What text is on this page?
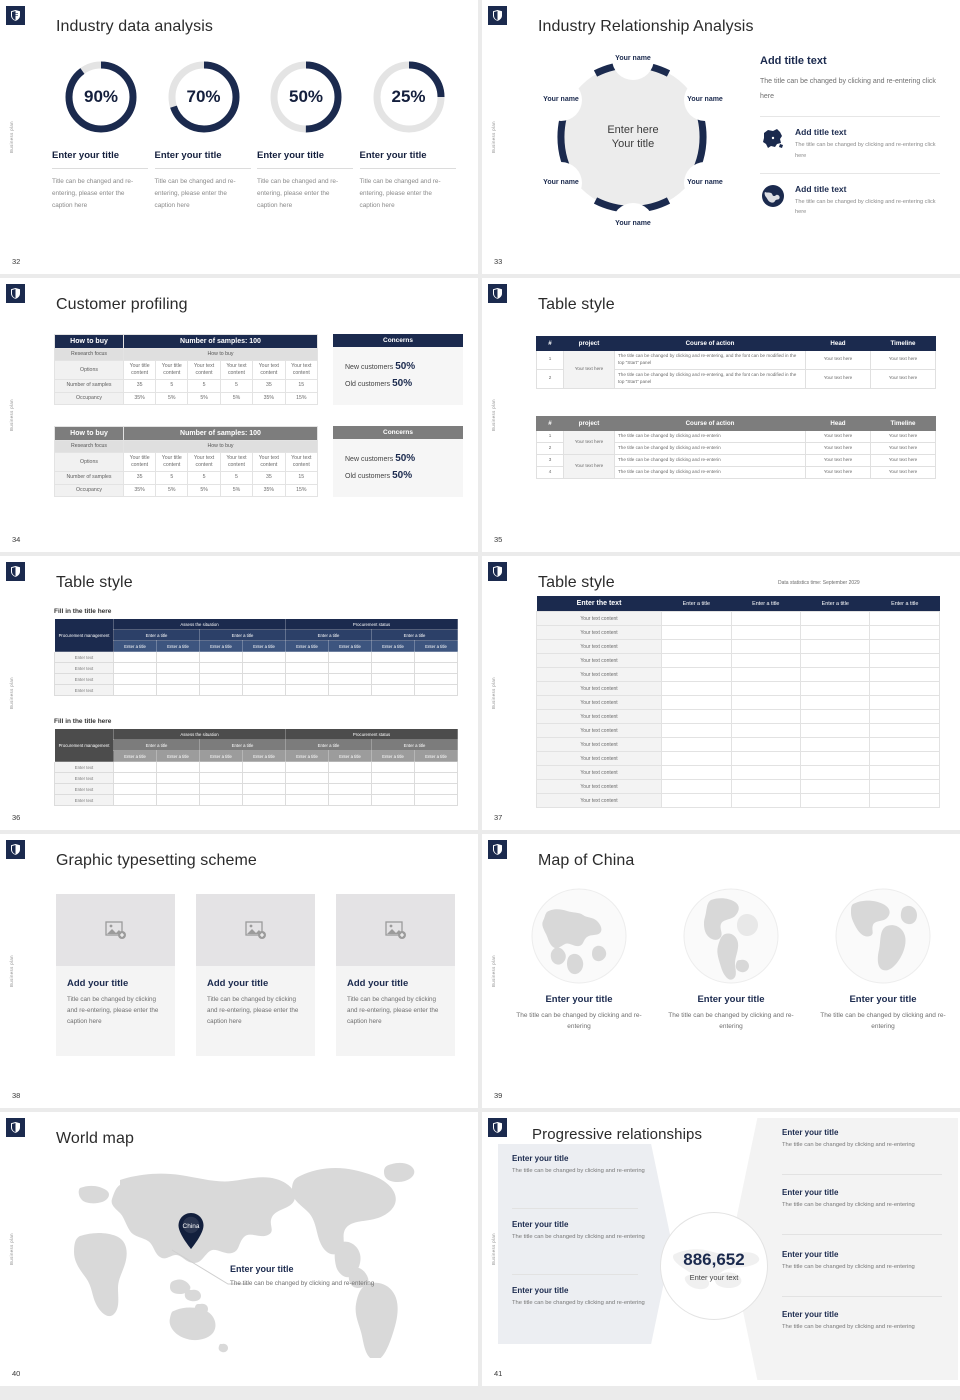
Business plan
Industry data analysis
90%
Enter your title
Title can be changed and re-entering, please enter the caption here
70%
Enter your title
Title can be changed and re-entering, please enter the caption here
50%
Enter your title
Title can be changed and re-entering, please enter the caption here
25%
Enter your title
Title can be changed and re-entering, please enter the caption here
32
Business plan
Industry Relationship Analysis
Enter here
Your title
Your name
Your name
Your name
Your name
Your name
Your name
Add title text

The title can be changed by clicking and re-entering click here

Add title text

The title can be changed by clicking and re-entering click here

Add title text

The title can be changed by clicking and re-entering click here

33
Business plan
Customer profiling
How to buy	Number of samples: 100					
Research focus	How to buy					
Options	Your title content	Your title content	Your text content	Your text content	Your text content	Your text content
Number of samples	35	5	5	5	35	15
Occupancy	35%	5%	5%	5%	35%	15%
How to buy	Number of samples: 100					
Research focus	How to buy					
Options	Your title content	Your title content	Your text content	Your text content	Your text content	Your text content
Number of samples	35	5	5	5	35	15
Occupancy	35%	5%	5%	5%	35%	15%
Concerns
New customers 50%
Old customers 50%
Concerns
New customers 50%
Old customers 50%
34
Business plan
Table style
#	project	Course of action	Head	Timeline
1	Your text here	The title can be changed by clicking and re-entering, and the font can be modified in the top "Start" panel	Your text here	Your text here
2		The title can be changed by clicking and re-entering, and the font can be modified in the top "Start" panel	Your text here	Your text here
#	project	Course of action	Head	Timeline
1	Your text here	The title can be changed by clicking and re-enterin	Your text here	Your text here
2		The title can be changed by clicking and re-enterin	Your text here	Your text here
3	Your text here	The title can be changed by clicking and re-enterin	Your text here	Your text here
4		The title can be changed by clicking and re-enterin	Your text here	Your text here
35
Business plan
Table style
Fill in the title here
Procurement management	Assess the situation				Procurement status			
	Enter a title		Enter a title		Enter a title		Enter a title	
	Enter a title	Enter a title	Enter a title	Enter a title	Enter a title	Enter a title	Enter a title	Enter a title
Enter text								
Enter text								
Enter text								
Enter text								
Fill in the title here
Procurement management	Assess the situation				Procurement status			
	Enter a title		Enter a title		Enter a title		Enter a title	
	Enter a title	Enter a title	Enter a title	Enter a title	Enter a title	Enter a title	Enter a title	Enter a title
Enter text								
Enter text								
Enter text								
Enter text								
36
Business plan
Table style	Data statistics time: September 2029
Enter the text	Enter a title	Enter a title	Enter a title	Enter a title
Your text content				
Your text content				
Your text content				
Your text content				
Your text content				
Your text content				
Your text content				
Your text content				
Your text content				
Your text content				
Your text content				
Your text content				
Your text content				
Your text content				
37
Business plan
Graphic typesetting scheme
Add your title

Title can be changed by clicking and re-entering, please enter the caption here

Add your title

Title can be changed by clicking and re-entering, please enter the caption here

Add your title

Title can be changed by clicking and re-entering, please enter the caption here

38
Business plan
Map of China
Enter your title

The title can be changed by clicking and re-entering

Enter your title

The title can be changed by clicking and re-entering

Enter your title

The title can be changed by clicking and re-entering

39
Business plan
World map
China
Enter your title

The title can be changed by clicking and re-entering

40
Business plan
Progressive relationships
886,652
Enter your text
Enter your title

The title can be changed by clicking and re-entering

Enter your title

The title can be changed by clicking and re-entering

Enter your title

The title can be changed by clicking and re-entering

Enter your title

The title can be changed by clicking and re-entering

Enter your title

The title can be changed by clicking and re-entering

Enter your title

The title can be changed by clicking and re-entering

Enter your title

The title can be changed by clicking and re-entering

41
